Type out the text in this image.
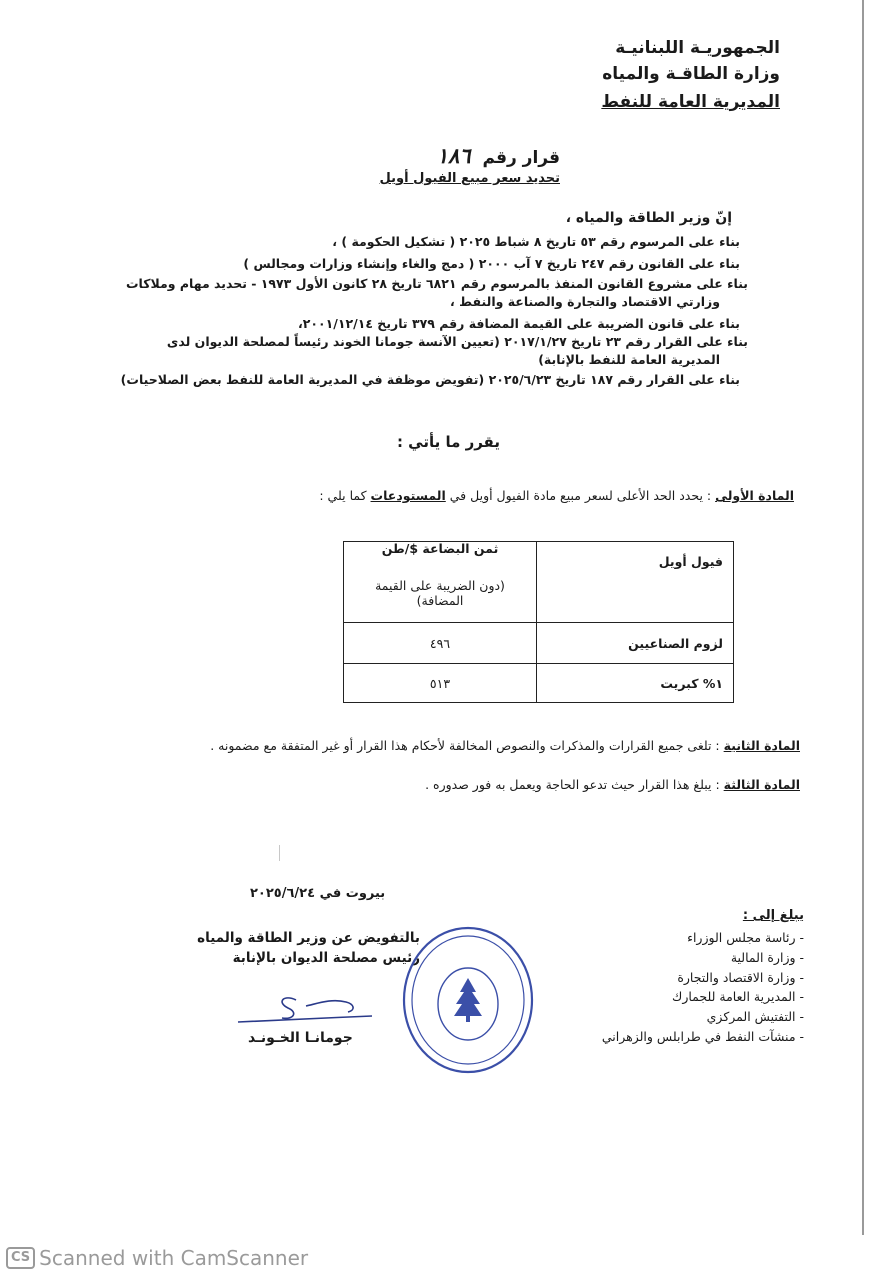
الجمهوريـة اللبنانيـة
وزارة الطاقـة والمياه
المديرية العامة للنفط
قرار رقم ١٨٦
تحديد سعر مبيع الفيول أويل
إنّ وزير الطاقة والمياه ،
بناء على المرسوم رقم ٥٣ تاريخ ٨ شباط ٢٠٢٥ ( تشكيل الحكومة ) ،
بناء على القانون رقم ٢٤٧ تاريخ ٧ آب ٢٠٠٠ ( دمج والغاء وإنشاء وزارات ومجالس )
بناء على مشروع القانون المنفذ بالمرسوم رقم ٦٨٢١ تاريخ ٢٨ كانون الأول ١٩٧٣ - تحديد مهام وملاكات
وزارتي الاقتصاد والتجارة والصناعة والنفط ،
بناء على قانون الضريبة على القيمة المضافة رقم ٣٧٩ تاريخ ٢٠٠١/١٢/١٤،
بناء على القرار رقم ٢٣ تاريخ ٢٠١٧/١/٢٧ (تعيين الآنسة جومانا الخوند رئيساً لمصلحة الديوان لدى
المديرية العامة للنفط بالإنابة)
بناء على القرار رقم ١٨٧ تاريخ ٢٠٢٥/٦/٢٣ (تفويض موظفة في المديرية العامة للنفط بعض الصلاحيات)
يقرر ما يأتي :
المادة الأولى : يحدد الحد الأعلى لسعر مبيع مادة الفيول أويل في المستودعات كما يلي :
ثمن البضاعة $/طن
(دون الضريبة على القيمة المضافة)	فيول أويل
٤٩٦	لزوم الصناعيين
٥١٣	١% كبريت
المادة الثانية : تلغى جميع القرارات والمذكرات والنصوص المخالفة لأحكام هذا القرار أو غير المتفقة مع مضمونه .
المادة الثالثة : يبلغ هذا القرار حيث تدعو الحاجة ويعمل به فور صدوره .
بيروت في ٢٠٢٥/٦/٢٤
بالتفويض عن وزير الطاقة والمياه
رئيس مصلحة الديوان بالإنابة
جومانـا الخـونـد
يبلغ إلى :
- رئاسة مجلس الوزراء
- وزارة المالية
- وزارة الاقتصاد والتجارة
- المديرية العامة للجمارك
- التفتيش المركزي
- منشآت النفط في طرابلس والزهراني
CS Scanned with CamScanner
